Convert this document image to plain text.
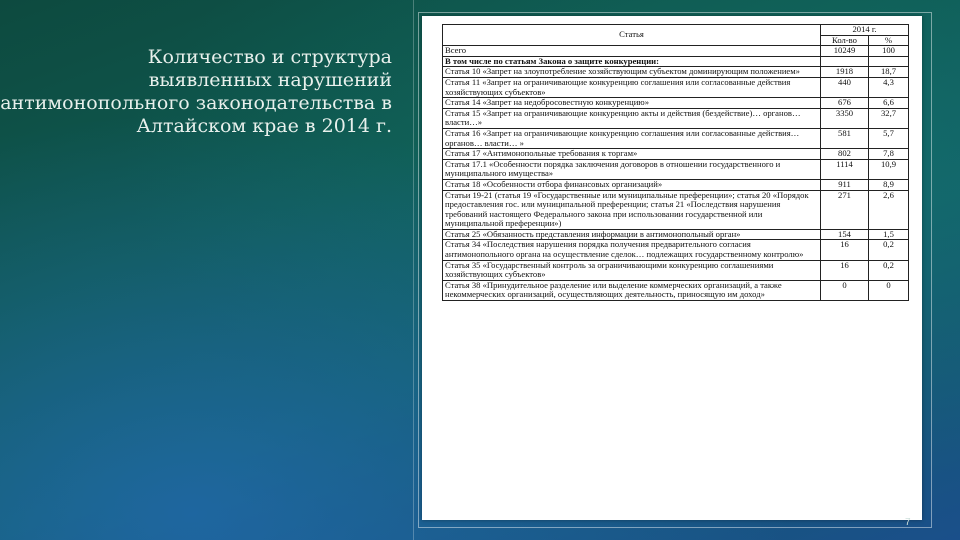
Количество и структура
выявленных нарушений
антимонопольного законодательства в
Алтайском крае в 2014 г.
Статья	2014 г.	
	Кол-во	%
Всего	10249	100
В том числе по статьям Закона о защите конкуренции:		
Статья 10 «Запрет на злоупотребление хозяйствующим субъектом доминирующим положением»	1918	18,7
Статья 11 «Запрет на ограничивающие конкуренцию соглашения или согласованные действия хозяйствующих субъектов»	440	4,3
Статья 14 «Запрет на недобросовестную конкуренцию»	676	6,6
Статья 15 «Запрет на ограничивающие конкуренцию акты и действия (бездействие)… органов… власти…»	3350	32,7
Статья 16 «Запрет на ограничивающие конкуренцию соглашения или согласованные действия… органов… власти… »	581	5,7
Статья 17 «Антимонопольные требования к торгам»	802	7,8
Статья 17.1 «Особенности порядка заключения договоров в отношении государственного и муниципального имущества»	1114	10,9
Статья 18 «Особенности отбора финансовых организаций»	911	8,9
Статьи 19-21 (статья 19 «Государственные или муниципальные преференции»; статья 20 «Порядок предоставления гос. или муниципальной преференции; статья 21 «Последствия нарушения требований настоящего Федерального закона при использовании государственной или муниципальной преференции»)	271	2,6
Статья 25 «Обязанность представления информации в антимонопольный орган»	154	1,5
Статья 34 «Последствия нарушения порядка получения предварительного согласия антимонопольного органа на осуществление сделок… подлежащих государственному контролю»	16	0,2
Статья 35 «Государственный контроль за ограничивающими конкуренцию соглашениями хозяйствующих субъектов»	16	0,2
Статья 38 «Принудительное разделение или выделение коммерческих организаций, а также некоммерческих организаций, осуществляющих деятельность, приносящую им доход»	0	0
7
